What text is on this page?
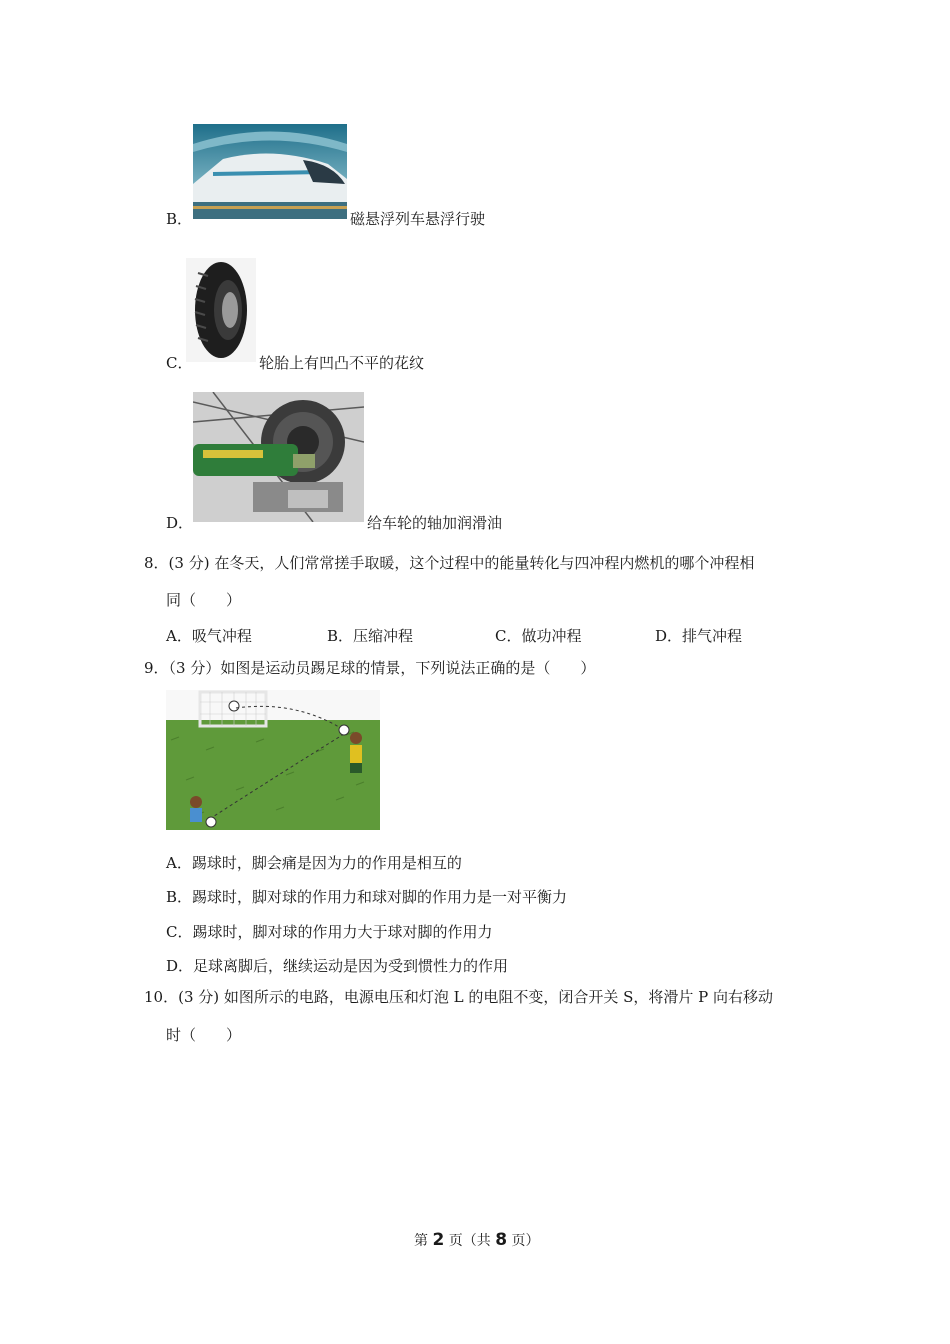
B．	磁悬浮列车悬浮行驶
C．	轮胎上有凹凸不平的花纹
D．	给车轮的轴加润滑油
8．(3 分) 在冬天，人们常常搓手取暖，这个过程中的能量转化与四冲程内燃机的哪个冲程相
同（　　）
A．吸气冲程	B．压缩冲程	C．做功冲程	D．排气冲程
9．（3 分）如图是运动员踢足球的情景，下列说法正确的是（　　）
A．踢球时，脚会痛是因为力的作用是相互的
B．踢球时，脚对球的作用力和球对脚的作用力是一对平衡力
C．踢球时，脚对球的作用力大于球对脚的作用力
D．足球离脚后，继续运动是因为受到惯性力的作用
10．(3 分) 如图所示的电路，电源电压和灯泡 L 的电阻不变，闭合开关 S，将滑片 P 向右移动
时（　　）
第 2 页（共 8 页）
